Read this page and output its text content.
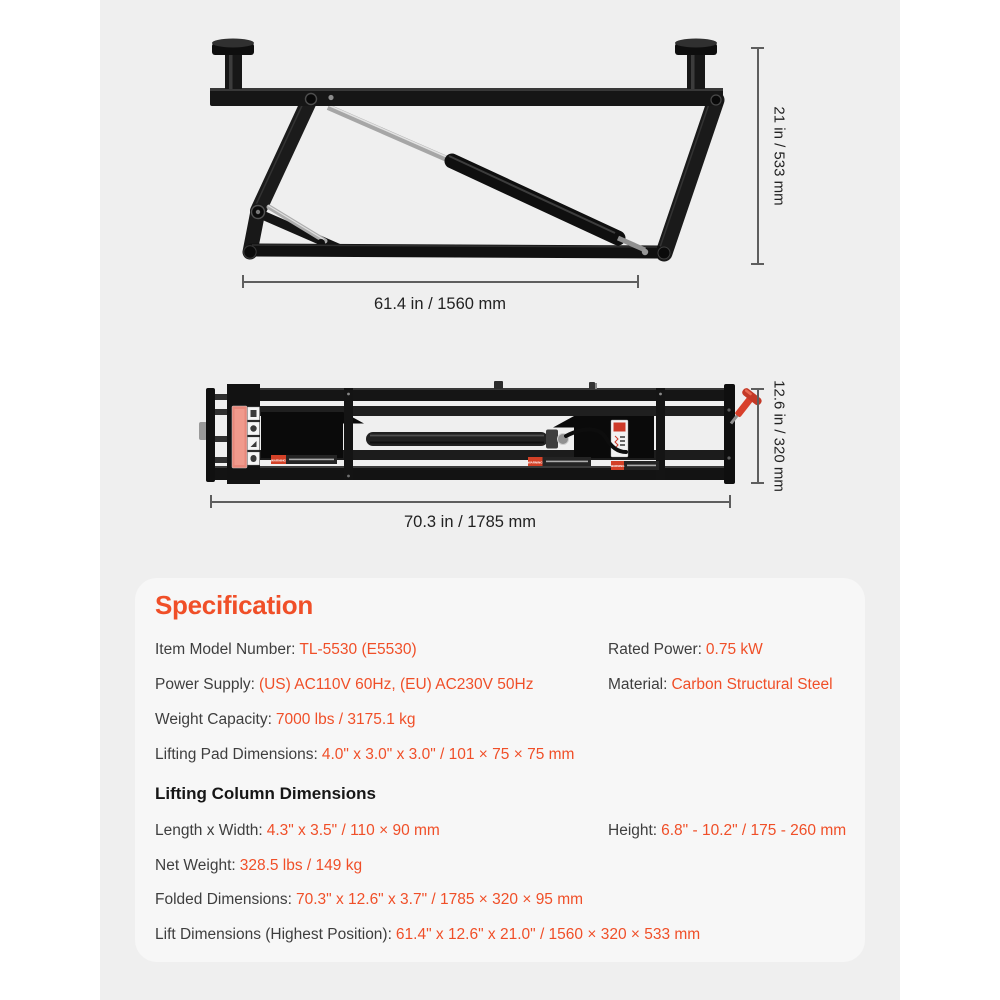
21 in / 533 mm
61.4 in / 1560 mm
WARNING	WARNING
WARNING	12.6 in / 320 mm
70.3 in / 1785 mm
Specification
Item Model Number: TL-5530 (E5530)	Rated Power: 0.75 kW
Power Supply: (US) AC110V 60Hz, (EU) AC230V 50Hz	Material: Carbon Structural Steel
Weight Capacity: 7000 lbs / 3175.1 kg
Lifting Pad Dimensions: 4.0" x 3.0" x 3.0" / 101 × 75 × 75 mm
Lifting Column Dimensions
Length x Width: 4.3" x 3.5" / 110 × 90 mm	Height: 6.8" - 10.2" / 175 - 260 mm
Net Weight: 328.5 lbs / 149 kg
Folded Dimensions: 70.3" x 12.6" x 3.7" / 1785 × 320 × 95 mm
Lift Dimensions (Highest Position): 61.4" x 12.6" x 21.0" / 1560 × 320 × 533 mm
